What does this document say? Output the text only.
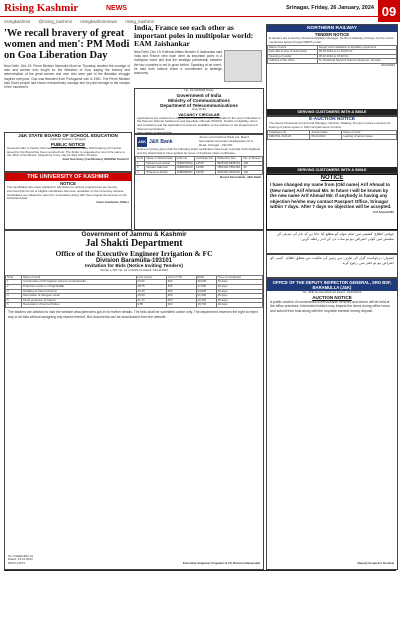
Rising Kashmir	NEWS	Srinagar, Friday, 26 January, 2024 09
risingkashmir @rising_kashmir risingkashmirnews rising_kashmir

'We recall bravery of great women and men': PM Modi on Goa Liberation Day

New Delhi, Dec 19: Prime Minister Narendra Modi on Thursday recalled the courage of men and women who fought for the liberation of Goa, saying the bravery and determination of the great women and men who were part of the liberation struggle inspires everyone. Goa was liberated from Portuguese rule in 1961. The Prime Minister said Goa's people had shown extraordinary courage and he paid homage to the martyrs of the movement.

India, France see each other as important poles in multipolar world: EAM Jaishankar

New Delhi, Dec 19: External Affairs Minister S Jaishankar said India and France view each other as important poles in a multipolar world and that the strategic partnership between the two countries is set to grow further. Speaking at an event, he said both nations share a commitment to strategic autonomy.

No. 15-02/2018-Study

Government of India

Ministry of Communications

Department of Telecommunications

New Delhi

VACANCY CIRCULAR

Applications are invited from eligible and interested Indian nationals for the post of Member to the Telecom Dispute Settlement and Appellate Tribunal (TDSAT). Details of eligibility, terms and conditions and the application format are available on the website of the Department of Telecommunications.

CBC 46251/11/0012/2425

J&K J&K Bank

Jammu and Kashmir Bank Ltd. Board Secretariat Corporate Headquarters M.A. Road, Srinagar - 190 001

Notice is hereby given that the following share certificates have been reported lost/misplaced and the shareholders have applied for issue of duplicate share certificates.

S.No	Name of Shareholder	Folio No.	Certificate No.	Distinctive Nos.	No. of Shares
1	Mohammad Ashraf	JKB0078452	14578	8945120-8945219	100
2	Ghulam Nabi Dar	JKB0045126	12365	7854120-7854169	50
3	Shameem Akhter	JKB0089631	18745	9632150-9632249	100

Board Secretariat, J&K Bank

J&K STATE BOARD OF SCHOOL EDUCATION

Kashmir Division, Srinagar

PUBLIC NOTICE

General public is hereby informed that the certificate of Class 10th bearing roll number issued by the Board has been reported lost. The finder is requested to return the same to the office of the Board. Objections if any may be filed within 15 days.

Joint Secretary (Certificates) JKBOSE Kashmir

THE UNIVERSITY OF KASHMIR

NOTICE

The candidates who have applied for admission to various programmes are hereby informed that the list of eligible candidates has been uploaded on the University website. Candidates are advised to report for counselling along with their original documents on the scheduled date.

Dean Academic Affairs

NORTHERN RAILWAY

TENDER NOTICE

E-tenders are invited by Divisional Railway Manager, Northern Railway, Firozpur for the works mentioned below through IREPS portal.

Name of work	Supply and installation of signalling equipment
Last date & time of submission	05.02.2024 up to 15:00 hrs
Opening of tender	05.02.2024 at 15:30 hrs
Address of the office	Sr. Divisional Signal & Telecom Engineer, Firozpur

2224/2023

SERVING CUSTOMERS WITH A SMILE

E-AUCTION NOTICE

The Senior Divisional Commercial Manager, Northern Railway, Firozpur invites e-auction for leasing of parcel space in SLR compartments of trains.

Catalogue No.	Auction Date	Name of work
FZR-PCL-SLR-24	06.02.2024	Leasing of parcel space
SERVING CUSTOMERS WITH A SMILE

NOTICE

I have changed my name from (Old name) Arif Ahmad to (New name) Arif Ahmad Mir. In future I will be known by the new name Arif Ahmad Mir. If anybody is having any objection he/she may contact Passport Office, Srinagar within 7 days. After 7 days no objection will be accepted.

Arif Ahmad Mir

عوامی اطلاع: کشمیر میں تمام عوام کو مطلع کیا جاتا ہے کہ نام کی تبدیلی کے سلسلے میں کوئی اعتراض ہو تو سات دن کے اندر رابطہ کریں۔

اشتہار: درخواست گزار کی طرف سے زمین کی ملکیت سے متعلق اطلاع۔ کسی کو اعتراض ہو تو دفتر میں رجوع کرے۔

Government of Jammu & Kashmir

Jal Shakti Department

Office of the Executive Engineer Irrigation & FC

Division Baramulla-193101

Invitation for Bids (Notice Inviting Tenders)

Tender e-NIT No. 01 of 2023-24 Dated: 19/12/2023

S.No	Name of work	Cost (Lacs)	Cost of T/D	EMD	Time of completion
1	Construction of lift irrigation scheme at Gantamulla	24.50	500	49,000	30 days
2	Protection works on Ningli Nallah	18.75	500	37,500	30 days
3	Desilting of canal at Kunzer	12.40	300	24,800	20 days
4	Renovation of Zaingeer canal	15.60	300	31,200	25 days
5	Flood protection at Sopore	21.10	500	42,200	30 days
6	Restoration of bund at Pattan	9.85	300	19,700	20 days

The bidders are advised to visit the website www.jktenders.gov.in for further details. The bids shall be submitted online only. The department reserves the right to reject any or all bids without assigning any reason thereof. Bid documents can be downloaded from the website.

No: ID/EE/1822-31

Dated: 19.12.2023

DIP/K-14571	Executive Engineer Irrigation & FC Division Baramulla

OFFICE OF THE DEPUTY INSPECTOR GENERAL, SRO BSF, BARAMULLA (J&K)

No. ID/E-Tender/2023-24 Dated: 19/12/2023

AUCTION NOTICE

A public auction of condemned/unserviceable vehicles and stores will be held at the office premises. Interested bidders may inspect the items during office hours and submit their bids along with the requisite earnest money deposit.

Deputy Inspector General
